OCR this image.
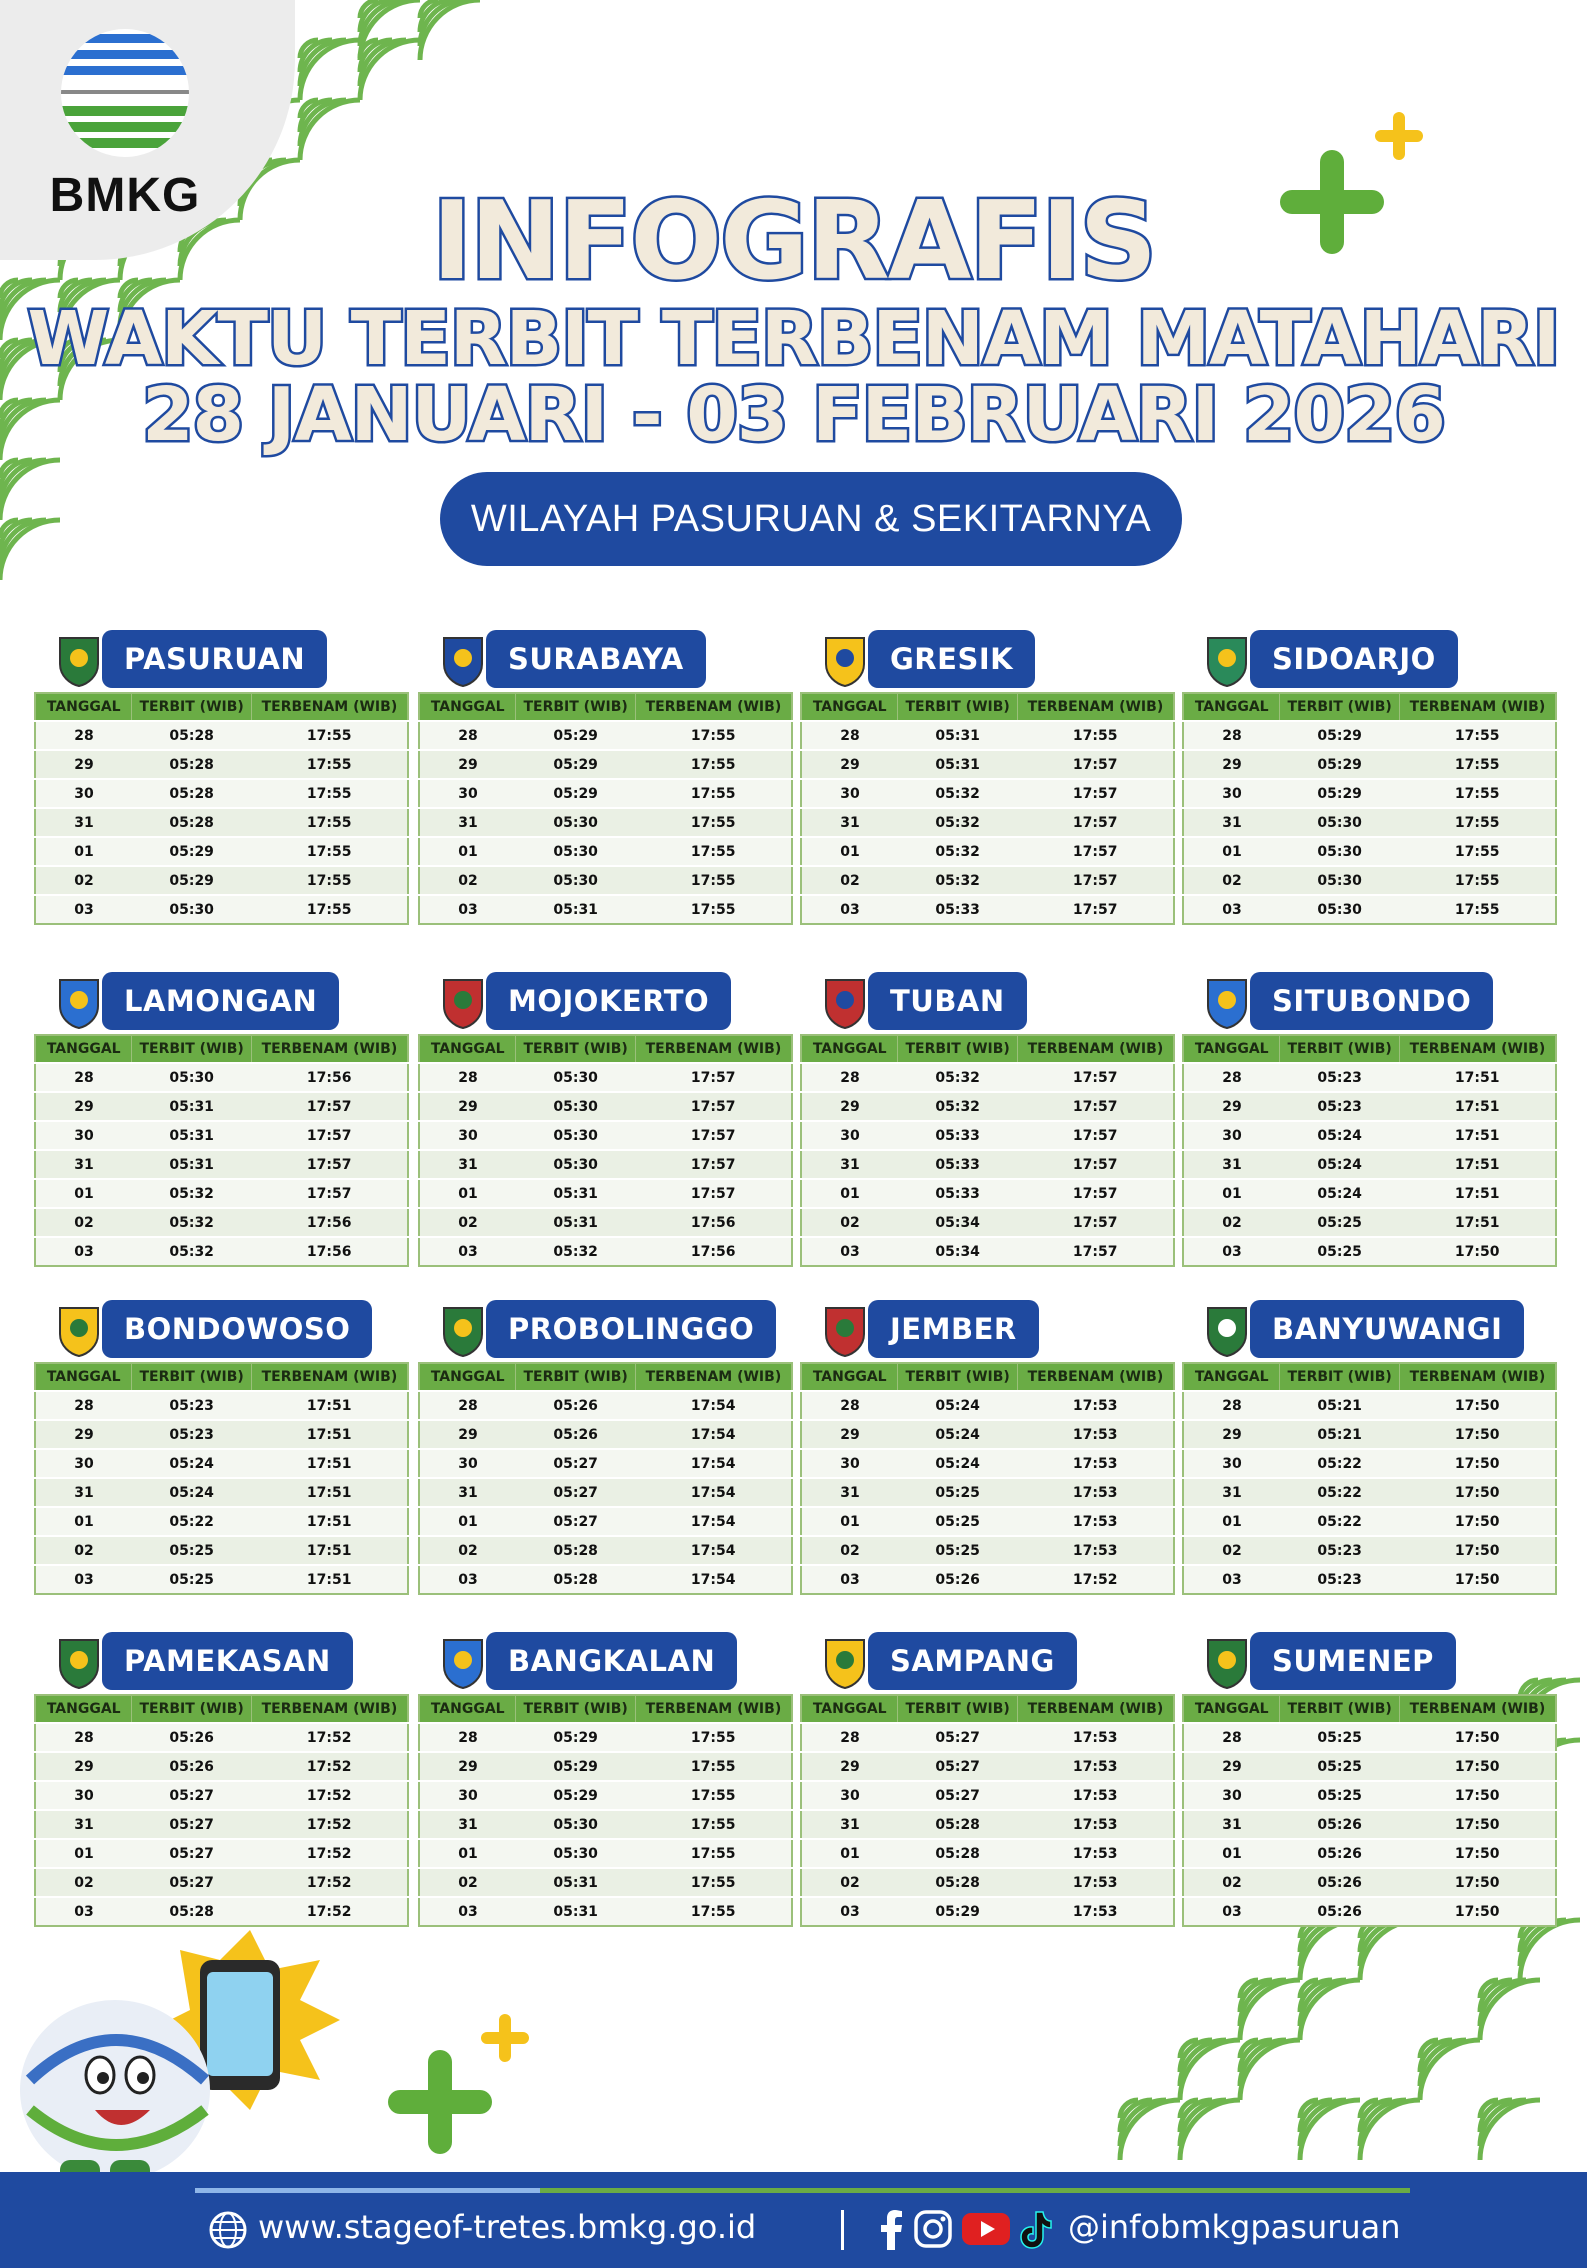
BMKG	INFOGRAFIS
WAKTU TERBIT TERBENAM MATAHARI
28 JANUARI - 03 FEBRUARI 2026
WILAYAH PASURUAN & SEKITARNYA
PASURUAN
TANGGAL	TERBIT (WIB)	TERBENAM (WIB)
28	05:28	17:55
29	05:28	17:55
30	05:28	17:55
31	05:28	17:55
01	05:29	17:55
02	05:29	17:55
03	05:30	17:55
SURABAYA
TANGGAL	TERBIT (WIB)	TERBENAM (WIB)
28	05:29	17:55
29	05:29	17:55
30	05:29	17:55
31	05:30	17:55
01	05:30	17:55
02	05:30	17:55
03	05:31	17:55
GRESIK
TANGGAL	TERBIT (WIB)	TERBENAM (WIB)
28	05:31	17:55
29	05:31	17:57
30	05:32	17:57
31	05:32	17:57
01	05:32	17:57
02	05:32	17:57
03	05:33	17:57
SIDOARJO
TANGGAL	TERBIT (WIB)	TERBENAM (WIB)
28	05:29	17:55
29	05:29	17:55
30	05:29	17:55
31	05:30	17:55
01	05:30	17:55
02	05:30	17:55
03	05:30	17:55
LAMONGAN
TANGGAL	TERBIT (WIB)	TERBENAM (WIB)
28	05:30	17:56
29	05:31	17:57
30	05:31	17:57
31	05:31	17:57
01	05:32	17:57
02	05:32	17:56
03	05:32	17:56
MOJOKERTO
TANGGAL	TERBIT (WIB)	TERBENAM (WIB)
28	05:30	17:57
29	05:30	17:57
30	05:30	17:57
31	05:30	17:57
01	05:31	17:57
02	05:31	17:56
03	05:32	17:56
TUBAN
TANGGAL	TERBIT (WIB)	TERBENAM (WIB)
28	05:32	17:57
29	05:32	17:57
30	05:33	17:57
31	05:33	17:57
01	05:33	17:57
02	05:34	17:57
03	05:34	17:57
SITUBONDO
TANGGAL	TERBIT (WIB)	TERBENAM (WIB)
28	05:23	17:51
29	05:23	17:51
30	05:24	17:51
31	05:24	17:51
01	05:24	17:51
02	05:25	17:51
03	05:25	17:50
BONDOWOSO
TANGGAL	TERBIT (WIB)	TERBENAM (WIB)
28	05:23	17:51
29	05:23	17:51
30	05:24	17:51
31	05:24	17:51
01	05:22	17:51
02	05:25	17:51
03	05:25	17:51
PROBOLINGGO
TANGGAL	TERBIT (WIB)	TERBENAM (WIB)
28	05:26	17:54
29	05:26	17:54
30	05:27	17:54
31	05:27	17:54
01	05:27	17:54
02	05:28	17:54
03	05:28	17:54
JEMBER
TANGGAL	TERBIT (WIB)	TERBENAM (WIB)
28	05:24	17:53
29	05:24	17:53
30	05:24	17:53
31	05:25	17:53
01	05:25	17:53
02	05:25	17:53
03	05:26	17:52
BANYUWANGI
TANGGAL	TERBIT (WIB)	TERBENAM (WIB)
28	05:21	17:50
29	05:21	17:50
30	05:22	17:50
31	05:22	17:50
01	05:22	17:50
02	05:23	17:50
03	05:23	17:50
PAMEKASAN
TANGGAL	TERBIT (WIB)	TERBENAM (WIB)
28	05:26	17:52
29	05:26	17:52
30	05:27	17:52
31	05:27	17:52
01	05:27	17:52
02	05:27	17:52
03	05:28	17:52
BANGKALAN
TANGGAL	TERBIT (WIB)	TERBENAM (WIB)
28	05:29	17:55
29	05:29	17:55
30	05:29	17:55
31	05:30	17:55
01	05:30	17:55
02	05:31	17:55
03	05:31	17:55
SAMPANG
TANGGAL	TERBIT (WIB)	TERBENAM (WIB)
28	05:27	17:53
29	05:27	17:53
30	05:27	17:53
31	05:28	17:53
01	05:28	17:53
02	05:28	17:53
03	05:29	17:53
SUMENEP
TANGGAL	TERBIT (WIB)	TERBENAM (WIB)
28	05:25	17:50
29	05:25	17:50
30	05:25	17:50
31	05:26	17:50
01	05:26	17:50
02	05:26	17:50
03	05:26	17:50
www.stageof-tretes.bmkg.go.id	@infobmkgpasuruan
